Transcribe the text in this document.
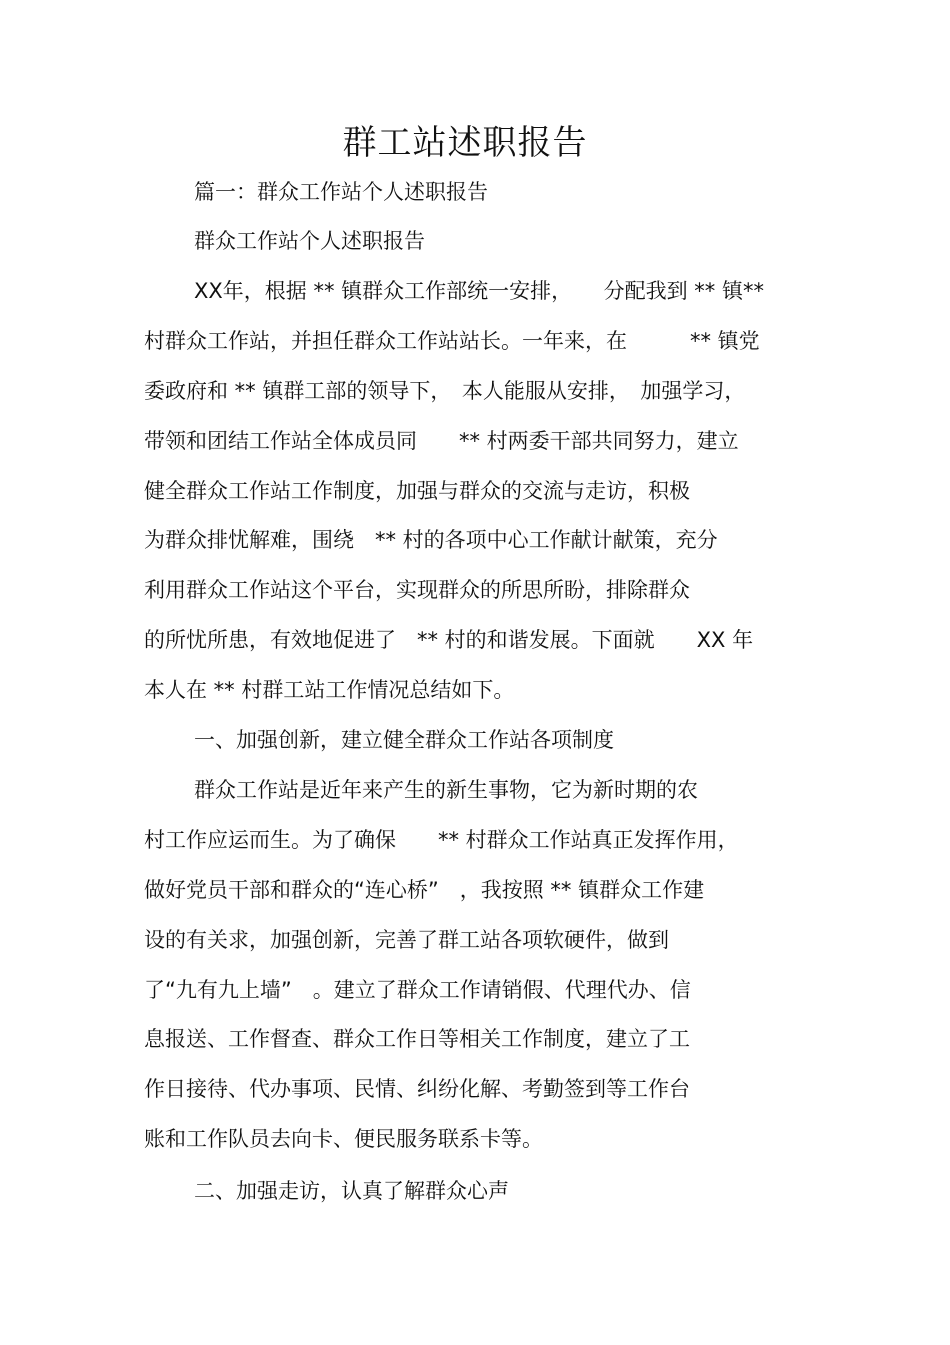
群工站述职报告
篇一：群众工作站个人述职报告
群众工作站个人述职报告
XX年，根据 ** 镇群众工作部统一安排，　　分配我到 ** 镇**
村群众工作站，并担任群众工作站站长。一年来，在　　　** 镇党
委政府和 ** 镇群工部的领导下，　本人能服从安排，　加强学习，
带领和团结工作站全体成员同　　** 村两委干部共同努力，建立
健全群众工作站工作制度，加强与群众的交流与走访，积极
为群众排忧解难，围绕　** 村的各项中心工作献计献策，充分
利用群众工作站这个平台，实现群众的所思所盼，排除群众
的所忧所患，有效地促进了　** 村的和谐发展。下面就　　XX 年
本人在 ** 村群工站工作情况总结如下。
一、加强创新，建立健全群众工作站各项制度
群众工作站是近年来产生的新生事物，它为新时期的农
村工作应运而生。为了确保　　** 村群众工作站真正发挥作用，
做好党员干部和群众的“连心桥”　，我按照 ** 镇群众工作建
设的有关求，加强创新，完善了群工站各项软硬件，做到
了“九有九上墙”　。建立了群众工作请销假、代理代办、信
息报送、工作督查、群众工作日等相关工作制度，建立了工
作日接待、代办事项、民情、纠纷化解、考勤签到等工作台
账和工作队员去向卡、便民服务联系卡等。
二、加强走访，认真了解群众心声
